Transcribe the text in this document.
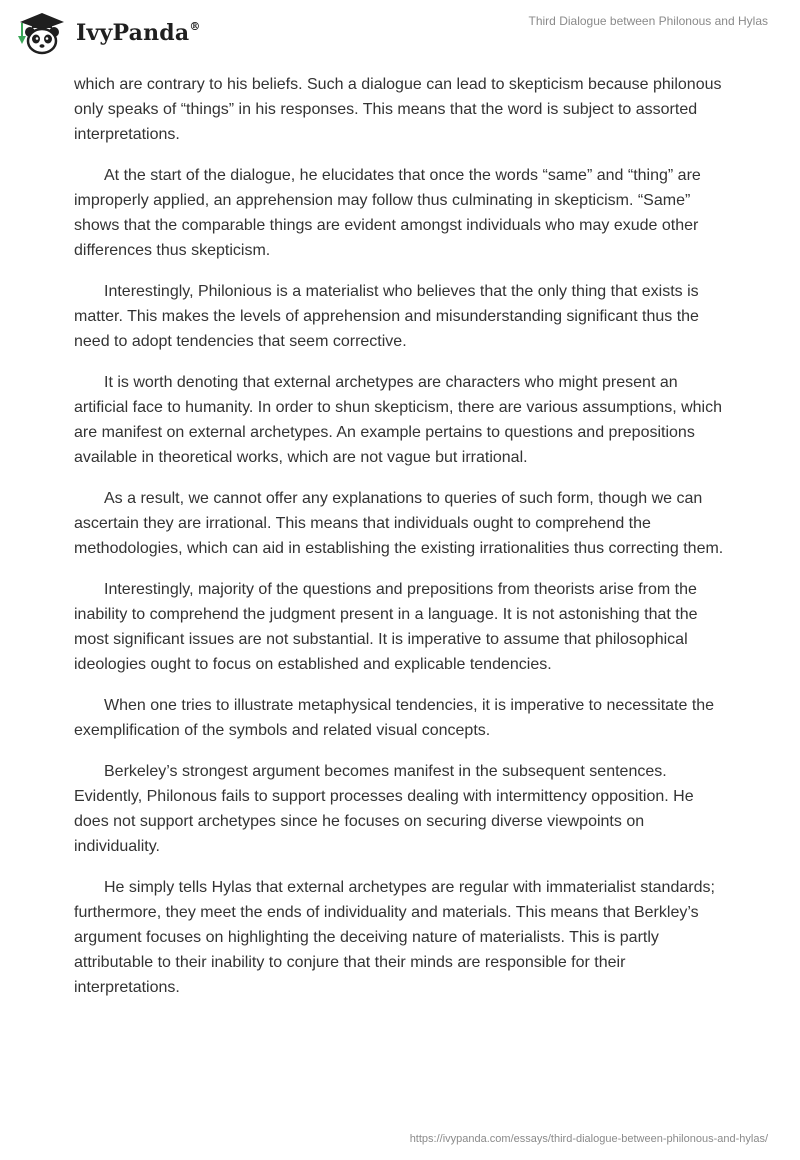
IvyPanda®	Third Dialogue between Philonous and Hylas

which are contrary to his beliefs. Such a dialogue can lead to skepticism because philonous only speaks of “things” in his responses. This means that the word is subject to assorted interpretations.

At the start of the dialogue, he elucidates that once the words “same” and “thing” are improperly applied, an apprehension may follow thus culminating in skepticism. “Same” shows that the comparable things are evident amongst individuals who may exude other differences thus skepticism.

Interestingly, Philonious is a materialist who believes that the only thing that exists is matter. This makes the levels of apprehension and misunderstanding significant thus the need to adopt tendencies that seem corrective.

It is worth denoting that external archetypes are characters who might present an artificial face to humanity. In order to shun skepticism, there are various assumptions, which are manifest on external archetypes. An example pertains to questions and prepositions available in theoretical works, which are not vague but irrational.

As a result, we cannot offer any explanations to queries of such form, though we can ascertain they are irrational. This means that individuals ought to comprehend the methodologies, which can aid in establishing the existing irrationalities thus correcting them.

Interestingly, majority of the questions and prepositions from theorists arise from the inability to comprehend the judgment present in a language. It is not astonishing that the most significant issues are not substantial. It is imperative to assume that philosophical ideologies ought to focus on established and explicable tendencies.

When one tries to illustrate metaphysical tendencies, it is imperative to necessitate the exemplification of the symbols and related visual concepts.

Berkeley’s strongest argument becomes manifest in the subsequent sentences. Evidently, Philonous fails to support processes dealing with intermittency opposition. He does not support archetypes since he focuses on securing diverse viewpoints on individuality.

He simply tells Hylas that external archetypes are regular with immaterialist standards; furthermore, they meet the ends of individuality and materials. This means that Berkley’s argument focuses on highlighting the deceiving nature of materialists. This is partly attributable to their inability to conjure that their minds are responsible for their interpretations.

https://ivypanda.com/essays/third-dialogue-between-philonous-and-hylas/
